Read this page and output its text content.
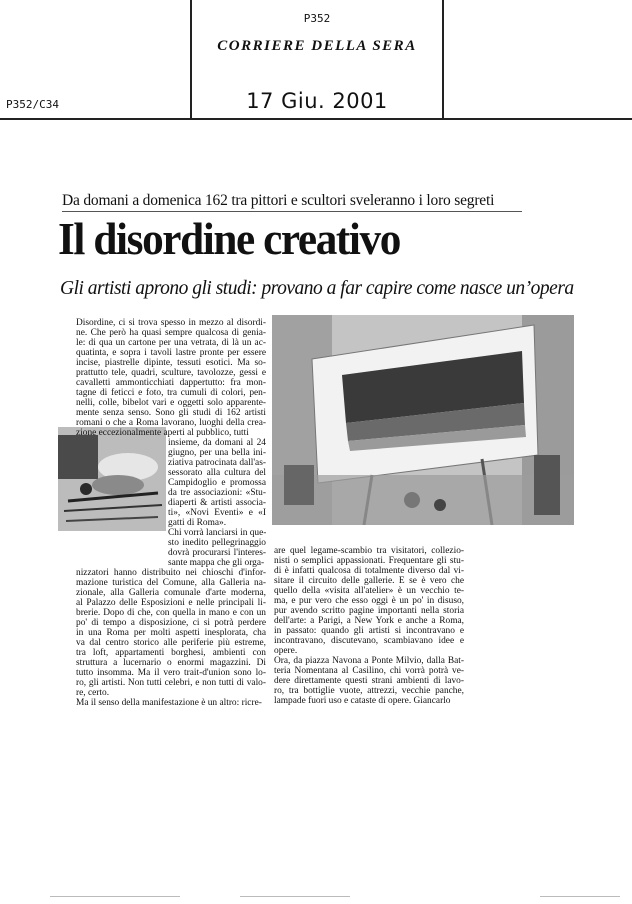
P352
CORRIERE DELLA SERA
17 Giu. 2001
P352/C34
Da domani a domenica 162 tra pittori e scultori sveleranno i loro segreti
Il disordine creativo
Gli artisti aprono gli studi: provano a far capire come nasce un’opera
Disordine, ci si trova spesso in mezzo al disordi-
ne. Che però ha quasi sempre qualcosa di genia-
le: di qua un cartone per una vetrata, di là un ac-
quatinta, e sopra i tavoli lastre pronte per essere
incise, piastrelle dipinte, tessuti esotici. Ma so-
prattutto tele, quadri, sculture, tavolozze, gessi e
cavalletti ammonticchiati dappertutto: fra mon-
tagne di feticci e foto, tra cumuli di colori, pen-
nelli, colle, bibelot vari e oggetti solo apparente-
mente senza senso. Sono gli studi di 162 artisti
romani o che a Roma lavorano, luoghi della crea-
zione eccezionalmente aperti al pubblico, tutti
insieme, da domani al 24
giugno, per una bella ini-
ziativa patrocinata dall'as-
sessorato alla cultura del
Campidoglio e promossa
da tre associazioni: «Stu-
diaperti & artisti associa-
ti», «Novi Eventi» e «I
gatti di Roma».
Chi vorrà lanciarsi in que-
sto inedito pellegrinaggio
dovrà procurarsi l'interes-
sante mappa che gli orga-
nizzatori hanno distribuito nei chioschi d'infor-
mazione turistica del Comune, alla Galleria na-
zionale, alla Galleria comunale d'arte moderna,
al Palazzo delle Esposizioni e nelle principali li-
brerie. Dopo di che, con quella in mano e con un
po' di tempo a disposizione, ci si potrà perdere
in una Roma per molti aspetti inesplorata, cha
va dal centro storico alle periferie più estreme,
tra loft, appartamenti borghesi, ambienti con
struttura a lucernario o enormi magazzini. Di
tutto insomma. Ma il vero trait-d'union sono lo-
ro, gli artisti. Non tutti celebri, e non tutti di valo-
re, certo.
Ma il senso della manifestazione è un altro: ricre-
are quel legame-scambio tra visitatori, collezio-
nisti o semplici appassionati. Frequentare gli stu-
di è infatti qualcosa di totalmente diverso dal vi-
sitare il circuito delle gallerie. E se è vero che
quello della «visita all'atelier» è un vecchio te-
ma, e pur vero che esso oggi è un po' in disuso,
pur avendo scritto pagine importanti nella storia
dell'arte: a Parigi, a New York e anche a Roma,
in passato: quando gli artisti si incontravano e
incontravano, discutevano, scambiavano idee e
opere.
Ora, da piazza Navona a Ponte Milvio, dalla Bat-
teria Nomentana al Casilino, chi vorrà potrà ve-
dere direttamente questi strani ambienti di lavo-
ro, tra bottiglie vuote, attrezzi, vecchie panche,
lampade fuori uso e cataste di opere. Giancarlo
